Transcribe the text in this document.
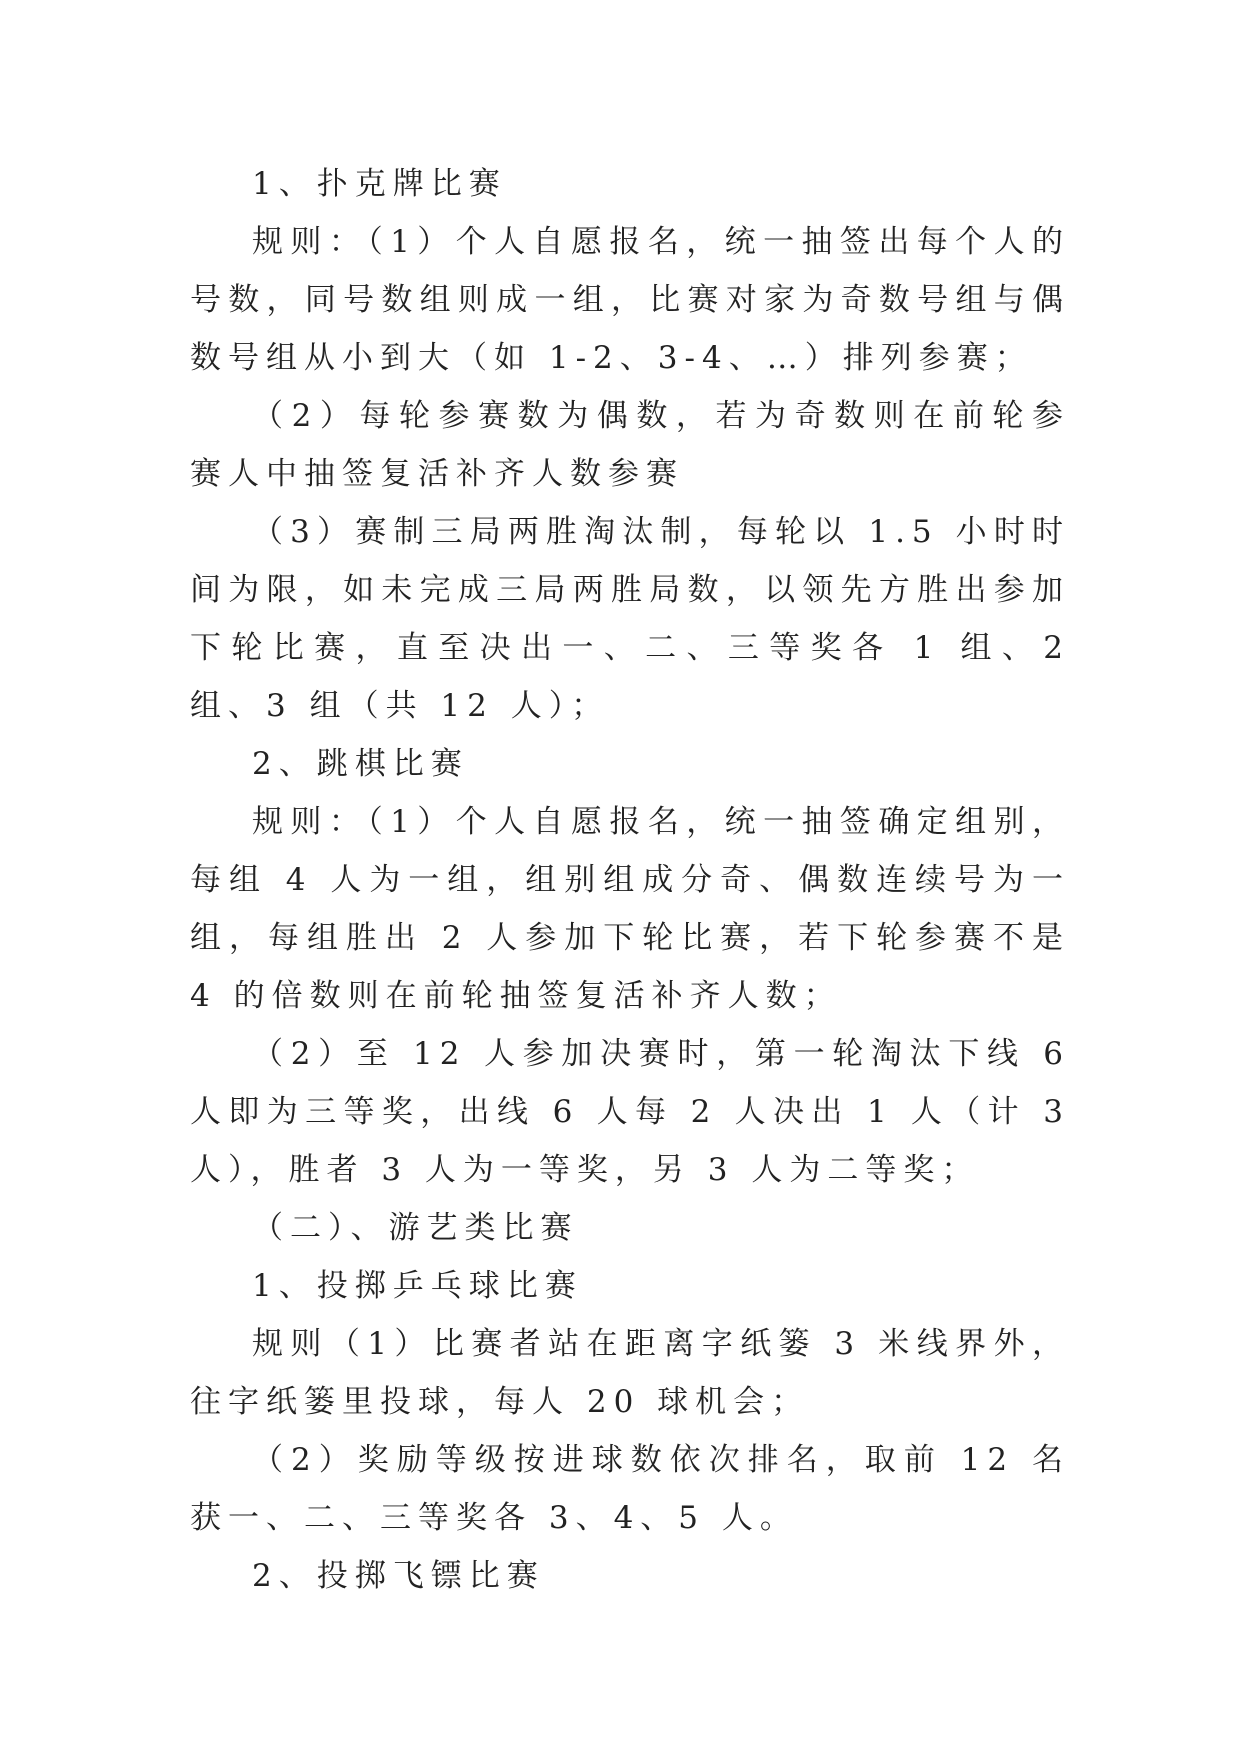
1、扑克牌比赛

规则：（1）个人自愿报名，统一抽签出每个人的号数，同号数组则成一组，比赛对家为奇数号组与偶数号组从小到大（如 1-2、3-4、…）排列参赛；

（2）每轮参赛数为偶数，若为奇数则在前轮参赛人中抽签复活补齐人数参赛

（3）赛制三局两胜淘汰制，每轮以 1.5 小时时间为限，如未完成三局两胜局数，以领先方胜出参加下轮比赛，直至决出一、二、三等奖各 1 组、2 组、3 组（共 12 人）；

2、跳棋比赛

规则：（1）个人自愿报名，统一抽签确定组别，每组 4 人为一组，组别组成分奇、偶数连续号为一组，每组胜出 2 人参加下轮比赛，若下轮参赛不是 4 的倍数则在前轮抽签复活补齐人数；

（2）至 12 人参加决赛时，第一轮淘汰下线 6 人即为三等奖，出线 6 人每 2 人决出 1 人（计 3 人），胜者 3 人为一等奖，另 3 人为二等奖；

（二）、游艺类比赛

1、投掷乒乓球比赛

规则（1）比赛者站在距离字纸篓 3 米线界外，往字纸篓里投球，每人 20 球机会；

（2）奖励等级按进球数依次排名，取前 12 名获一、二、三等奖各 3、4、5 人。

2、投掷飞镖比赛
